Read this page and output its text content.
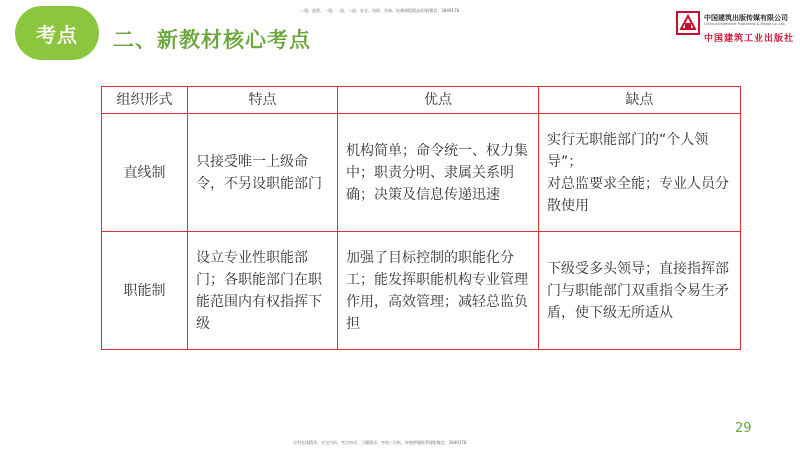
考点	二、新教材核心考点
二建、监理、一建、一造、二造、安全、消防、咨询、检测课程精品班课/微信：3849178
中国建筑出版传媒有限公司
China Architecture Publishing & Media Co.,Ltd.
中国建筑工业出版社
组织形式	特点	优点	缺点
直线制	只接受唯一上级命令，不另设职能部门	机构简单；命令统一、权力集中；职责分明、隶属关系明确；决策及信息传递迅速	实行无职能部门的“个人领导”；
对总监要求全能；专业人员分散使用

职能制	设立专业性职能部门；各职能部门在职能范围内有权指挥下级	加强了目标控制的职能化分工；能发挥职能机构专业管理作用，高效管理；减轻总监负担	下级受多头领导；直接指挥部门与职能部门双重指令易生矛盾，使下级无所适从
29
全科在线精华、完全内训、考点串讲、习题精讲、考前三页纸，终极押题联系QQ/微信：3849178
